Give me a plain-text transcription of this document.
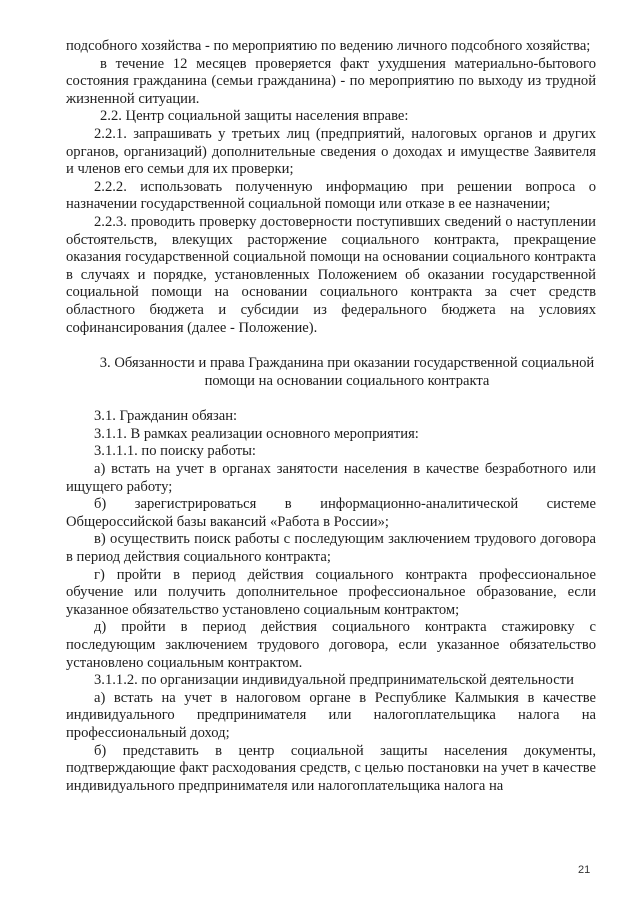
подсобного хозяйства - по мероприятию по ведению личного подсобного хозяйства;

в течение 12 месяцев проверяется факт ухудшения материально-бытового состояния гражданина (семьи гражданина) - по мероприятию по выходу из трудной жизненной ситуации.

2.2. Центр социальной защиты населения вправе:

2.2.1. запрашивать у третьих лиц (предприятий, налоговых органов и других органов, организаций) дополнительные сведения о доходах и имуществе Заявителя и членов его семьи для их проверки;

2.2.2. использовать полученную информацию при решении вопроса о назначении государственной социальной помощи или отказе в ее назначении;

2.2.3. проводить проверку достоверности поступивших сведений о наступлении обстоятельств, влекущих расторжение социального контракта, прекращение оказания государственной социальной помощи на основании социального контракта в случаях и порядке, установленных Положением об оказании государственной социальной помощи на основании социального контракта за счет средств областного бюджета и субсидии из федерального бюджета на условиях софинансирования (далее - Положение).

3. Обязанности и права Гражданина при оказании государственной социальной помощи на основании социального контракта

3.1. Гражданин обязан:

3.1.1. В рамках реализации основного мероприятия:

3.1.1.1. по поиску работы:

а) встать на учет в органах занятости населения в качестве безработного или ищущего работу;

б) зарегистрироваться в информационно-аналитической системе Общероссийской базы вакансий «Работа в России»;

в) осуществить поиск работы с последующим заключением трудового договора в период действия социального контракта;

г) пройти в период действия социального контракта профессиональное обучение или получить дополнительное профессиональное образование, если указанное обязательство установлено социальным контрактом;

д) пройти в период действия социального контракта стажировку с последующим заключением трудового договора, если указанное обязательство установлено социальным контрактом.

3.1.1.2. по организации индивидуальной предпринимательской деятельности

а) встать на учет в налоговом органе в Республике Калмыкия в качестве индивидуального предпринимателя или налогоплательщика налога на профессиональный доход;

б) представить в центр социальной защиты населения документы, подтверждающие факт расходования средств, с целью постановки на учет в качестве индивидуального предпринимателя или налогоплательщика налога на

21
